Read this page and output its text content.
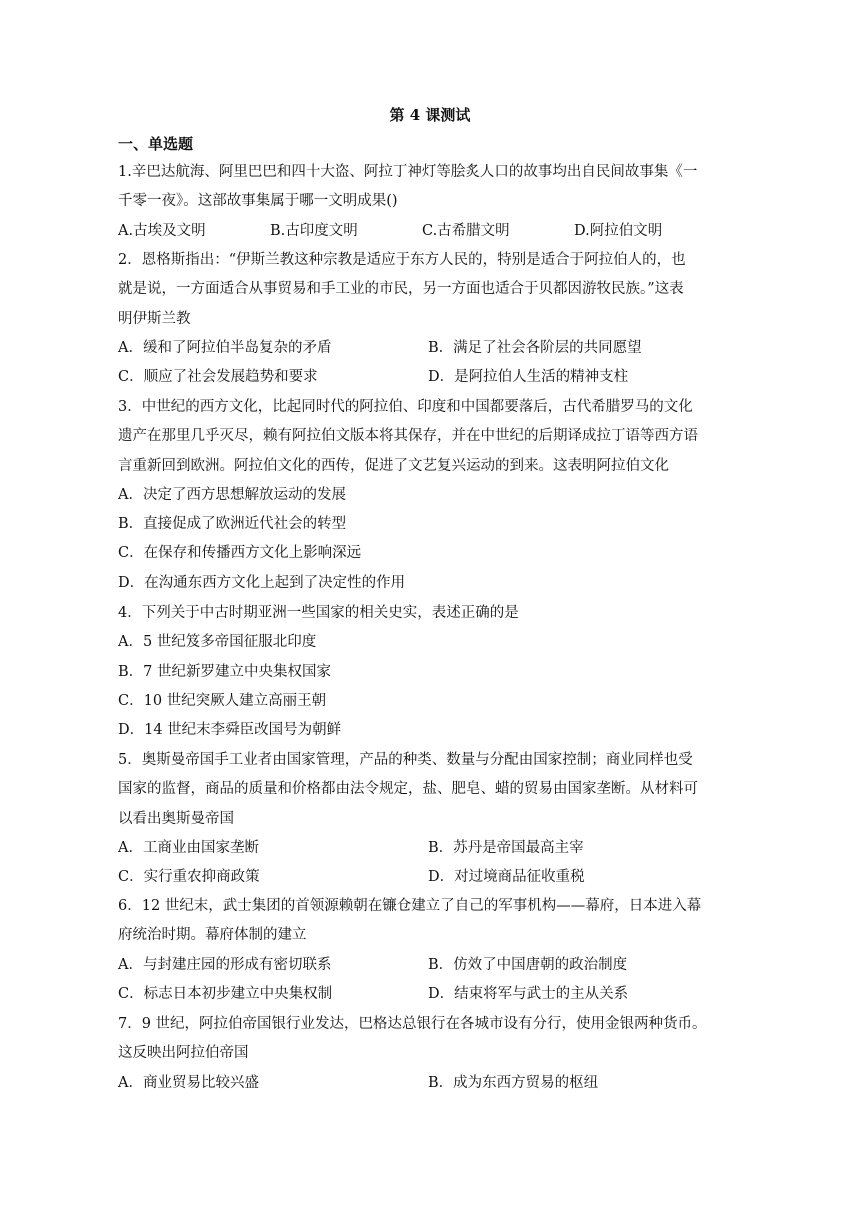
第 4 课测试
一、单选题
1.辛巴达航海、阿里巴巴和四十大盗、阿拉丁神灯等脍炙人口的故事均出自民间故事集《一
千零一夜》。这部故事集属于哪一文明成果()
A.古埃及文明	B.古印度文明	C.古希腊文明	D.阿拉伯文明
2．恩格斯指出：“伊斯兰教这种宗教是适应于东方人民的，特别是适合于阿拉伯人的，也
就是说，一方面适合从事贸易和手工业的市民，另一方面也适合于贝都因游牧民族。”这表
明伊斯兰教
A．缓和了阿拉伯半岛复杂的矛盾	B．满足了社会各阶层的共同愿望
C．顺应了社会发展趋势和要求	D．是阿拉伯人生活的精神支柱
3．中世纪的西方文化，比起同时代的阿拉伯、印度和中国都要落后，古代希腊罗马的文化
遗产在那里几乎灭尽，赖有阿拉伯文版本将其保存，并在中世纪的后期译成拉丁语等西方语
言重新回到欧洲。阿拉伯文化的西传，促进了文艺复兴运动的到来。这表明阿拉伯文化
A．决定了西方思想解放运动的发展
B．直接促成了欧洲近代社会的转型
C．在保存和传播西方文化上影响深远
D．在沟通东西方文化上起到了决定性的作用
4．下列关于中古时期亚洲一些国家的相关史实，表述正确的是
A．5 世纪笈多帝国征服北印度
B．7 世纪新罗建立中央集权国家
C．10 世纪突厥人建立高丽王朝
D．14 世纪末李舜臣改国号为朝鲜
5．奥斯曼帝国手工业者由国家管理，产品的种类、数量与分配由国家控制；商业同样也受
国家的监督，商品的质量和价格都由法令规定，盐、肥皂、蜡的贸易由国家垄断。从材料可
以看出奥斯曼帝国
A．工商业由国家垄断	B．苏丹是帝国最高主宰
C．实行重农抑商政策	D．对过境商品征收重税
6．12 世纪末，武士集团的首领源赖朝在镰仓建立了自己的军事机构——幕府，日本进入幕
府统治时期。幕府体制的建立
A．与封建庄园的形成有密切联系	B．仿效了中国唐朝的政治制度
C．标志日本初步建立中央集权制	D．结束将军与武士的主从关系
7．9 世纪，阿拉伯帝国银行业发达，巴格达总银行在各城市设有分行，使用金银两种货币。
这反映出阿拉伯帝国
A．商业贸易比较兴盛	B．成为东西方贸易的枢纽
